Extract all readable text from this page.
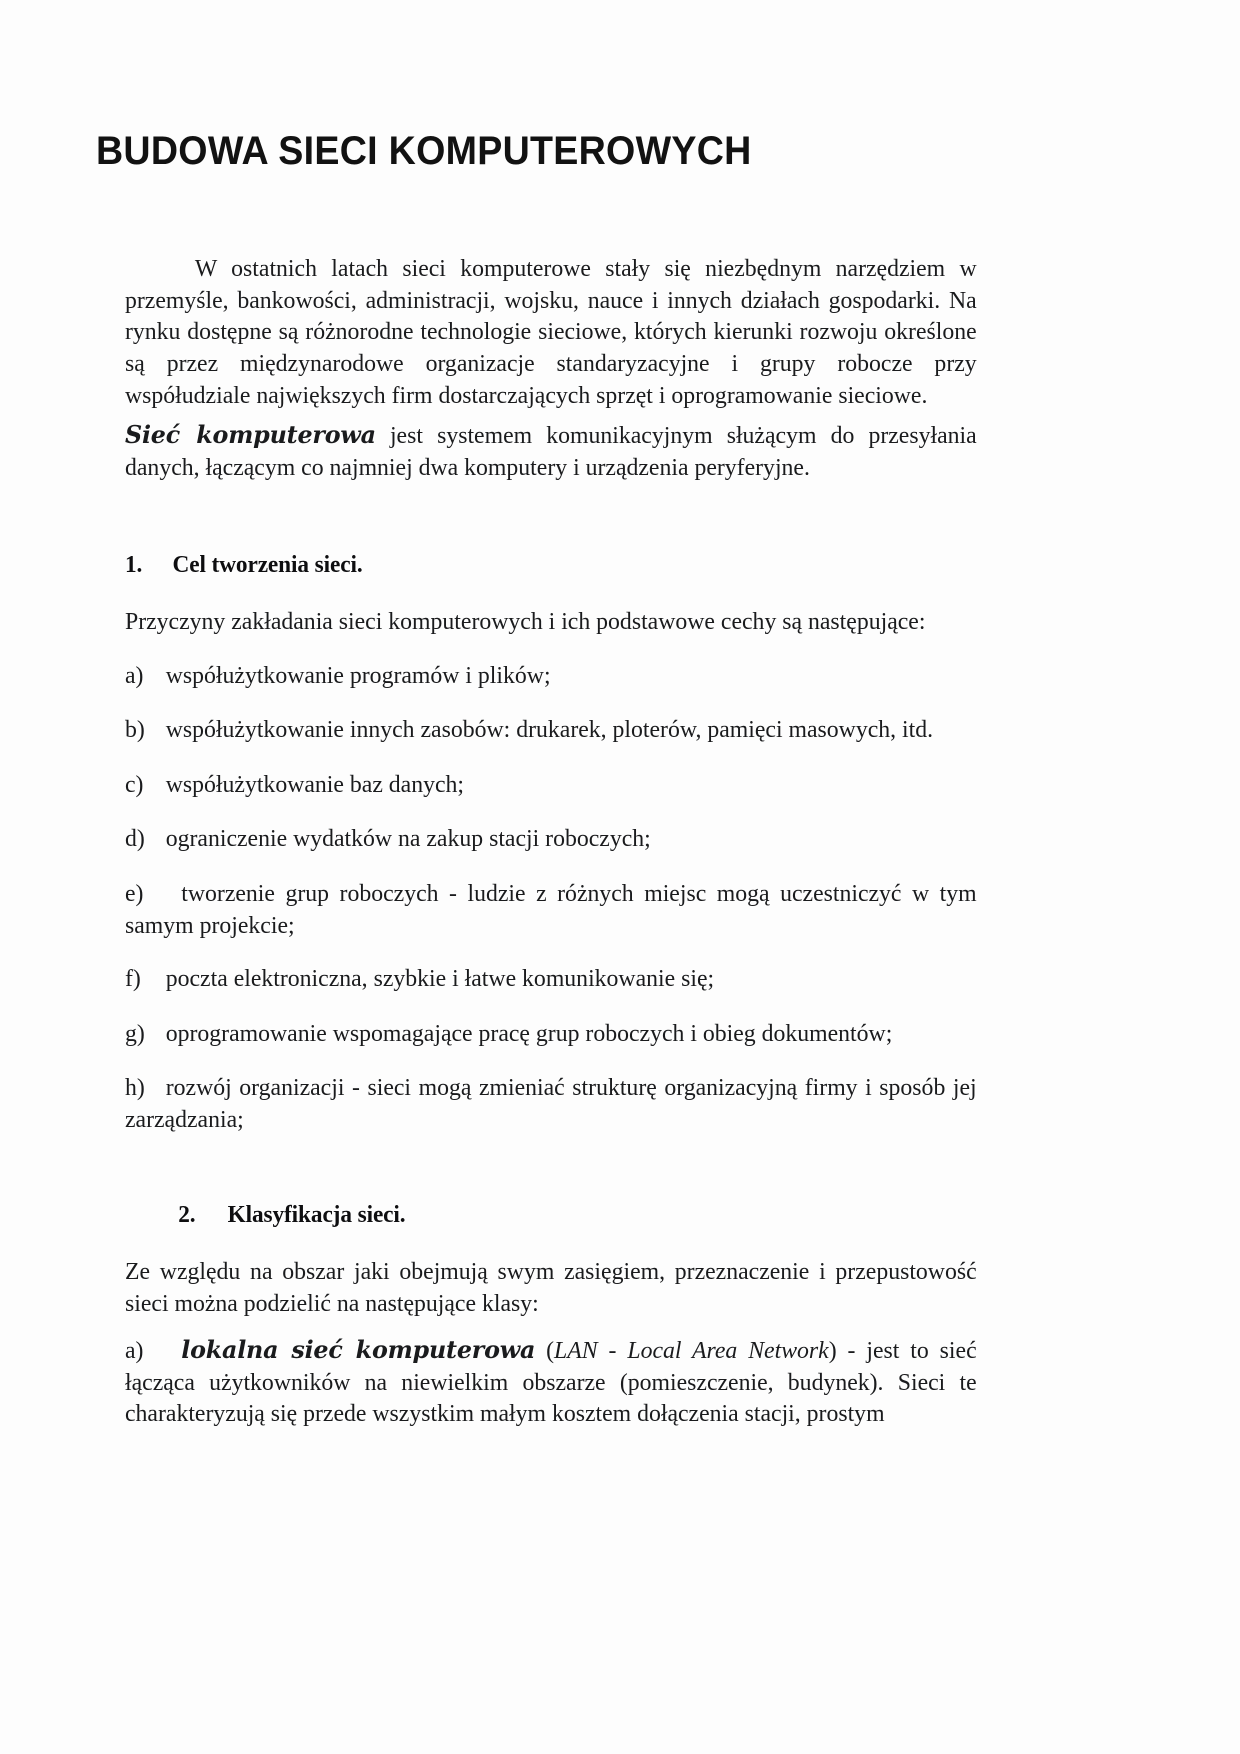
BUDOWA SIECI KOMPUTEROWYCH

W ostatnich latach sieci komputerowe stały się niezbędnym narzędziem w przemyśle, bankowości, administracji, wojsku, nauce i innych działach gospodarki. Na rynku dostępne są różnorodne technologie sieciowe, których kierunki rozwoju określone są przez międzynarodowe organizacje standaryzacyjne i grupy robocze przy współudziale największych firm dostarczających sprzęt i oprogramowanie sieciowe.

Sieć komputerowa jest systemem komunikacyjnym służącym do przesyłania danych, łączącym co najmniej dwa komputery i urządzenia peryferyjne.

1. Cel tworzenia sieci.

Przyczyny zakładania sieci komputerowych i ich podstawowe cechy są następujące:

a) współużytkowanie programów i plików;

b) współużytkowanie innych zasobów: drukarek, ploterów, pamięci masowych, itd.

c) współużytkowanie baz danych;

d) ograniczenie wydatków na zakup stacji roboczych;

e) tworzenie grup roboczych - ludzie z różnych miejsc mogą uczestniczyć w tym samym projekcie;

f) poczta elektroniczna, szybkie i łatwe komunikowanie się;

g) oprogramowanie wspomagające pracę grup roboczych i obieg dokumentów;

h) rozwój organizacji - sieci mogą zmieniać strukturę organizacyjną firmy i sposób jej zarządzania;

2. Klasyfikacja sieci.

Ze względu na obszar jaki obejmują swym zasięgiem, przeznaczenie i przepustowość sieci można podzielić na następujące klasy:

a) lokalna sieć komputerowa (LAN - Local Area Network) - jest to sieć łącząca użytkowników na niewielkim obszarze (pomieszczenie, budynek). Sieci te charakteryzują się przede wszystkim małym kosztem dołączenia stacji, prostym
